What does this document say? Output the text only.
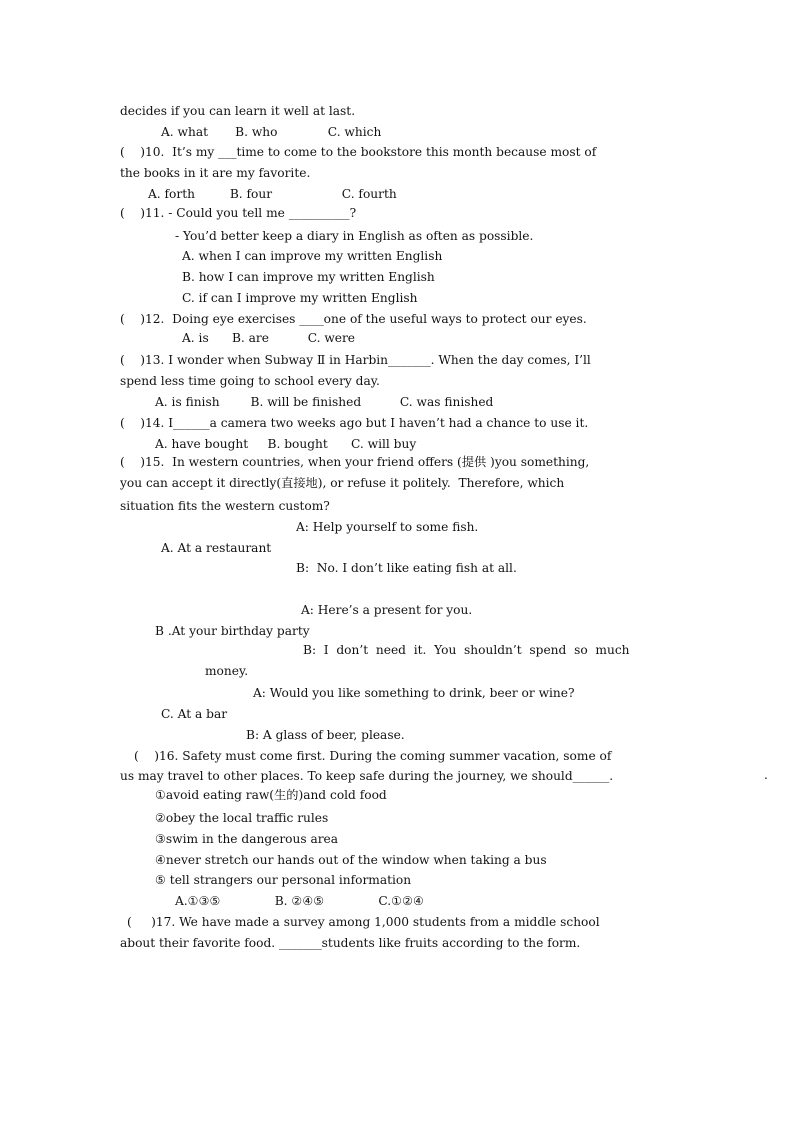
decides if you can learn it well at last.
A. what       B. who             C. which
(    )10.  It’s my ___time to come to the bookstore this month because most of
the books in it are my favorite.
A. forth         B. four                  C. fourth
(    )11. - Could you tell me __________?
- You’d better keep a diary in English as often as possible.
A. when I can improve my written English
B. how I can improve my written English
C. if can I improve my written English
(    )12.  Doing eye exercises ____one of the useful ways to protect our eyes.
A. is      B. are          C. were
(    )13. I wonder when Subway Ⅱ in Harbin_______. When the day comes, I’ll
spend less time going to school every day.
A. is finish        B. will be finished          C. was finished
(    )14. I______a camera two weeks ago but I haven’t had a chance to use it.
A. have bought     B. bought      C. will buy
(    )15.  In western countries, when your friend offers (提供 )you something,
you can accept it directly(直接地), or refuse it politely.  Therefore, which
situation fits the western custom?
A: Help yourself to some fish.
A. At a restaurant
B:  No. I don’t like eating fish at all.
A: Here’s a present for you.
B .At your birthday party
B:  I  don’t  need  it.  You  shouldn’t  spend  so  much
money.
A: Would you like something to drink, beer or wine?
C. At a bar
B: A glass of beer, please.
(    )16. Safety must come first. During the coming summer vacation, some of
us may travel to other places. To keep safe during the journey, we should______.	.
①avoid eating raw(生的)and cold food
②obey the local traffic rules
③swim in the dangerous area
④never stretch our hands out of the window when taking a bus
⑤ tell strangers our personal information
A.①③⑤              B. ②④⑤              C.①②④
(     )17. We have made a survey among 1,000 students from a middle school
about their favorite food. _______students like fruits according to the form.
